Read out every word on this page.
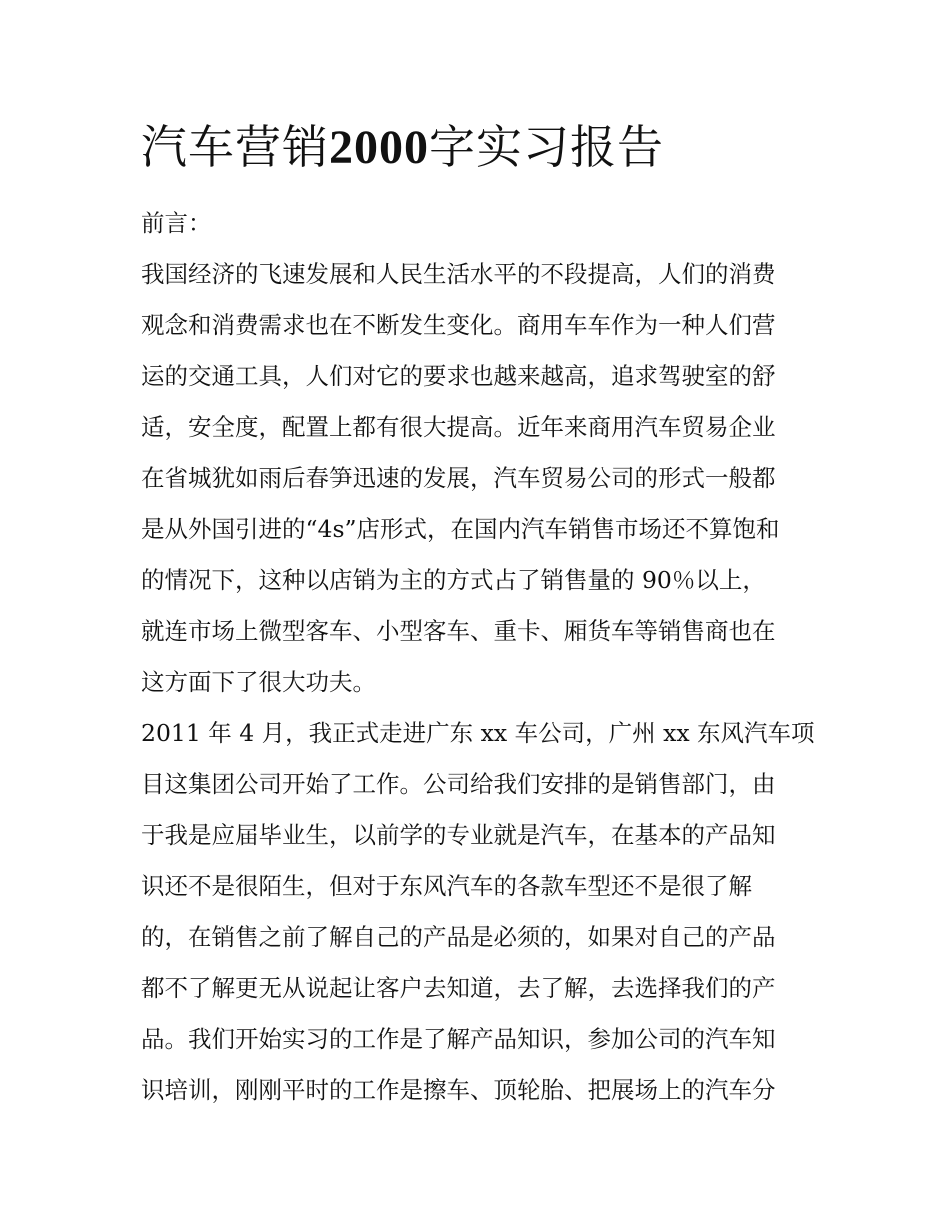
汽车营销2000字实习报告

前言：

我国经济的飞速发展和人民生活水平的不段提高，人们的消费

观念和消费需求也在不断发生变化。商用车车作为一种人们营

运的交通工具，人们对它的要求也越来越高，追求驾驶室的舒

适，安全度，配置上都有很大提高。近年来商用汽车贸易企业

在省城犹如雨后春笋迅速的发展，汽车贸易公司的形式一般都

是从外国引进的“4s”店形式，在国内汽车销售市场还不算饱和

的情况下，这种以店销为主的方式占了销售量的 90％以上，

就连市场上微型客车、小型客车、重卡、厢货车等销售商也在

这方面下了很大功夫。

2011 年 4 月，我正式走进广东 xx 车公司，广州 xx 东风汽车项

目这集团公司开始了工作。公司给我们安排的是销售部门，由

于我是应届毕业生，以前学的专业就是汽车，在基本的产品知

识还不是很陌生，但对于东风汽车的各款车型还不是很了解

的，在销售之前了解自己的产品是必须的，如果对自己的产品

都不了解更无从说起让客户去知道，去了解，去选择我们的产

品。我们开始实习的工作是了解产品知识，参加公司的汽车知

识培训，刚刚平时的工作是擦车、顶轮胎、把展场上的汽车分
